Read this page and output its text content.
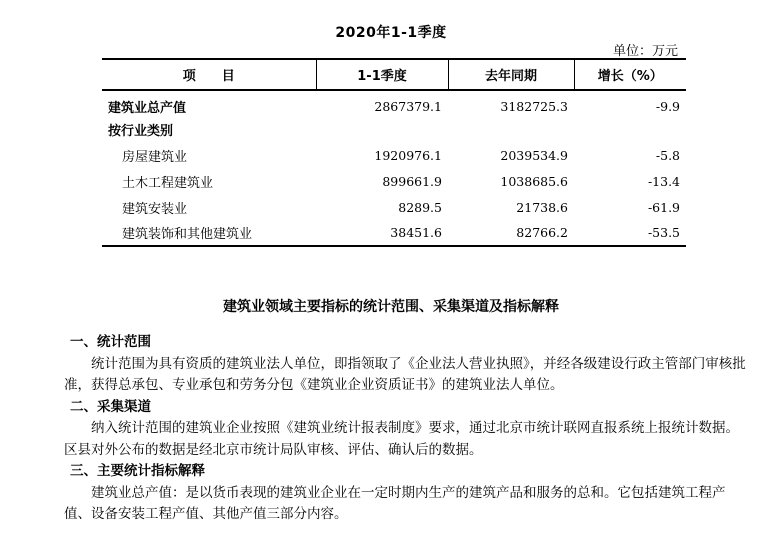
2020年1-1季度
单位：万元
项　　目	1-1季度	去年同期	增长（%）
建筑业总产值	2867379.1	3182725.3	-9.9
按行业类别			
房屋建筑业	1920976.1	2039534.9	-5.8
土木工程建筑业	899661.9	1038685.6	-13.4
建筑安装业	8289.5	21738.6	-61.9
建筑装饰和其他建筑业	38451.6	82766.2	-53.5
建筑业领域主要指标的统计范围、采集渠道及指标解释
一、统计范围

统计范围为具有资质的建筑业法人单位，即指领取了《企业法人营业执照》，并经各级建设行政主管部门审核批准，获得总承包、专业承包和劳务分包《建筑业企业资质证书》的建筑业法人单位。

二、采集渠道

纳入统计范围的建筑业企业按照《建筑业统计报表制度》要求，通过北京市统计联网直报系统上报统计数据。区县对外公布的数据是经北京市统计局队审核、评估、确认后的数据。

三、主要统计指标解释

建筑业总产值：是以货币表现的建筑业企业在一定时期内生产的建筑产品和服务的总和。它包括建筑工程产值、设备安装工程产值、其他产值三部分内容。
